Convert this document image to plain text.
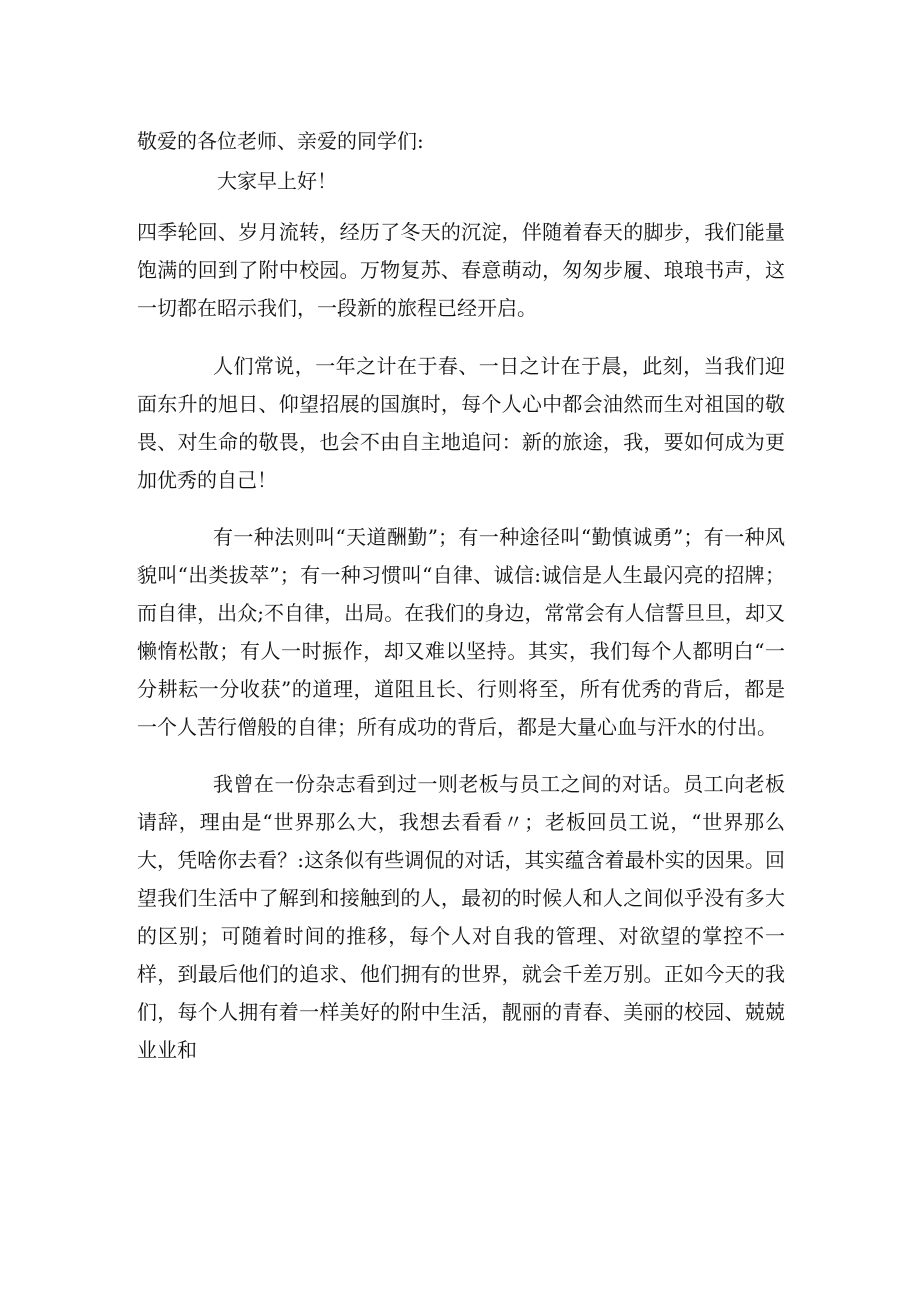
敬爱的各位老师、亲爱的同学们:

大家早上好！

四季轮回、岁月流转，经历了冬天的沉淀，伴随着春天的脚步，我们能量饱满的回到了附中校园。万物复苏、春意萌动，匆匆步履、琅琅书声，这一切都在昭示我们，一段新的旅程已经开启。

人们常说，一年之计在于春、一日之计在于晨，此刻，当我们迎面东升的旭日、仰望招展的国旗时，每个人心中都会油然而生对祖国的敬畏、对生命的敬畏，也会不由自主地追问：新的旅途，我，要如何成为更加优秀的自己！

有一种法则叫“天道酬勤”；有一种途径叫“勤慎诚勇”；有一种风貌叫“出类拔萃”；有一种习惯叫“自律、诚信:诚信是人生最闪亮的招牌；而自律，出众;不自律，出局。在我们的身边，常常会有人信誓旦旦，却又懒惰松散；有人一时振作，却又难以坚持。其实，我们每个人都明白“一分耕耘一分收获”的道理，道阻且长、行则将至，所有优秀的背后，都是一个人苦行僧般的自律；所有成功的背后，都是大量心血与汗水的付出。

我曾在一份杂志看到过一则老板与员工之间的对话。员工向老板请辞，理由是“世界那么大，我想去看看〃；老板回员工说，“世界那么大，凭啥你去看？:这条似有些调侃的对话，其实蕴含着最朴实的因果。回望我们生活中了解到和接触到的人，最初的时候人和人之间似乎没有多大的区别；可随着时间的推移，每个人对自我的管理、对欲望的掌控不一样，到最后他们的追求、他们拥有的世界，就会千差万别。正如今天的我们，每个人拥有着一样美好的附中生活，靓丽的青春、美丽的校园、兢兢业业和
